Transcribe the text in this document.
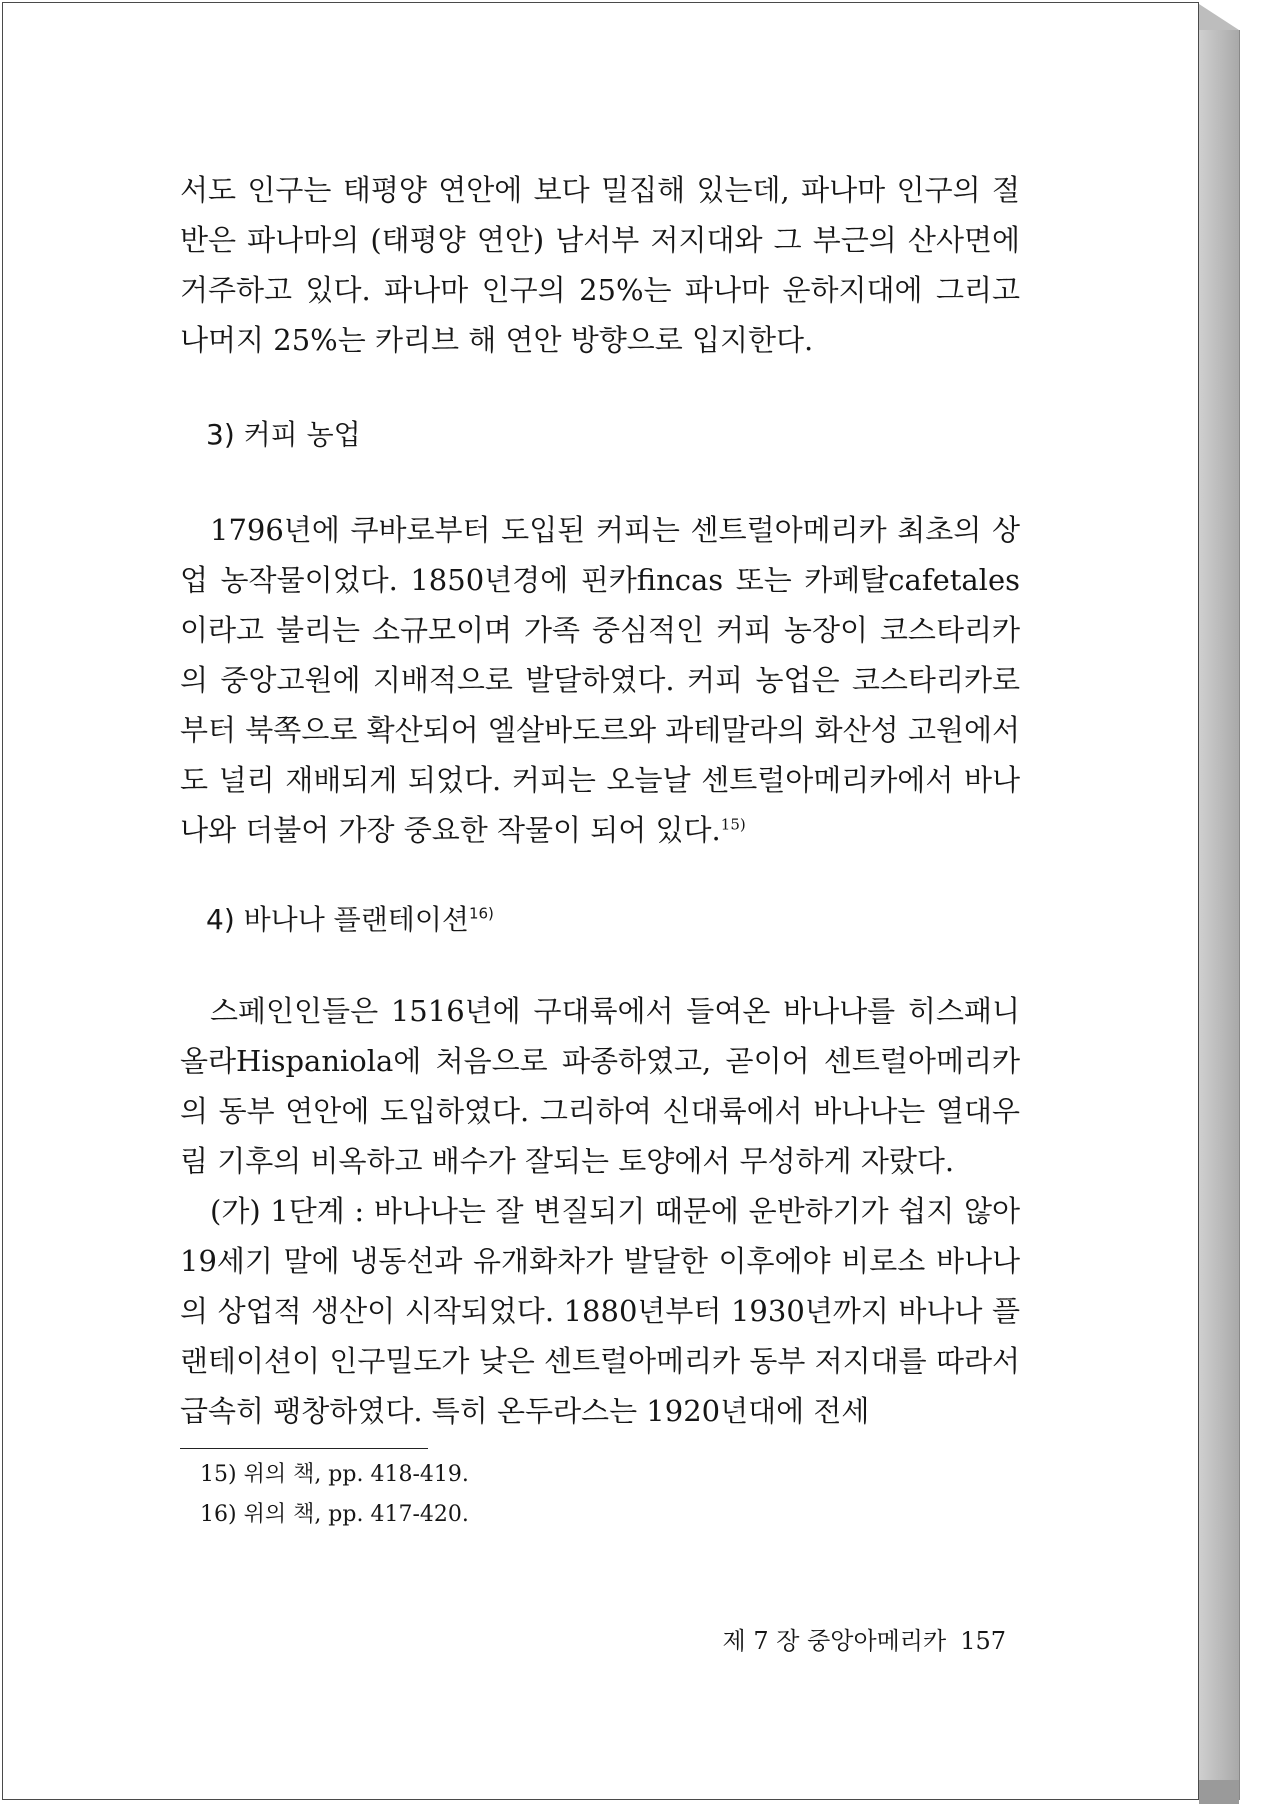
서도 인구는 태평양 연안에 보다 밀집해 있는데, 파나마 인구의 절반은 파나마의 (태평양 연안) 남서부 저지대와 그 부근의 산사면에 거주하고 있다. 파나마 인구의 25%는 파나마 운하지대에 그리고 나머지 25%는 카리브 해 연안 방향으로 입지한다.

3) 커피 농업

1796년에 쿠바로부터 도입된 커피는 센트럴아메리카 최초의 상업 농작물이었다. 1850년경에 핀카fincas 또는 카페탈cafetales이라고 불리는 소규모이며 가족 중심적인 커피 농장이 코스타리카의 중앙고원에 지배적으로 발달하였다. 커피 농업은 코스타리카로부터 북쪽으로 확산되어 엘살바도르와 과테말라의 화산성 고원에서도 널리 재배되게 되었다. 커피는 오늘날 센트럴아메리카에서 바나나와 더불어 가장 중요한 작물이 되어 있다.$^{15)}$

4) 바나나 플랜테이션$^{16)}$

스페인인들은 1516년에 구대륙에서 들여온 바나나를 히스패니올라Hispaniola에 처음으로 파종하였고, 곧이어 센트럴아메리카의 동부 연안에 도입하였다. 그리하여 신대륙에서 바나나는 열대우림 기후의 비옥하고 배수가 잘되는 토양에서 무성하게 자랐다.

(가) 1단계 : 바나나는 잘 변질되기 때문에 운반하기가 쉽지 않아 19세기 말에 냉동선과 유개화차가 발달한 이후에야 비로소 바나나의 상업적 생산이 시작되었다. 1880년부터 1930년까지 바나나 플랜테이션이 인구밀도가 낮은 센트럴아메리카 동부 저지대를 따라서 급속히 팽창하였다. 특히 온두라스는 1920년대에 전세

15) 위의 책, pp. 418-419.

16) 위의 책, pp. 417-420.

제 7 장 중앙아메리카 157
